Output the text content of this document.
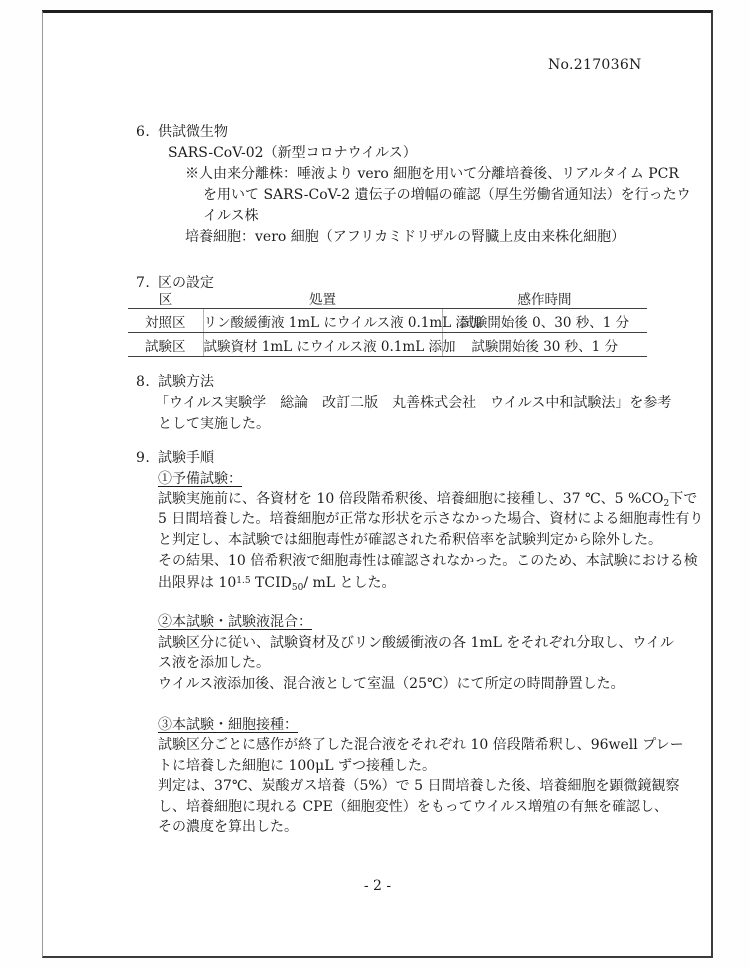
No.217036N
6. 供試微生物
SARS-CoV-02（新型コロナウイルス）
※人由来分離株：唾液より vero 細胞を用いて分離培養後、リアルタイム PCR
を用いて SARS-CoV-2 遺伝子の増幅の確認（厚生労働省通知法）を行ったウ
イルス株
培養細胞：vero 細胞（アフリカミドリザルの腎臓上皮由来株化細胞）
7. 区の設定
区	処置	感作時間
対照区	リン酸緩衝液 1mL にウイルス液 0.1mL 添加	試験開始後 0、30 秒、1 分
試験区	試験資材 1mL にウイルス液 0.1mL 添加	試験開始後 30 秒、1 分
8. 試験方法
「ウイルス実験学　総論　改訂二版　丸善株式会社　ウイルス中和試験法」を参考
として実施した。
9. 試験手順
①予備試験：
試験実施前に、各資材を 10 倍段階希釈後、培養細胞に接種し、37 ℃、5 $\%CO_2$下で
5 日間培養した。培養細胞が正常な形状を示さなかった場合、資材による細胞毒性有り
と判定し、本試験では細胞毒性が確認された希釈倍率を試験判定から除外した。
その結果、10 倍希釈液で細胞毒性は確認されなかった。このため、本試験における検
出限界は $10^{1.5}$ $TCID_{50}/$ mL とした。
②本試験・試験液混合：
試験区分に従い、試験資材及びリン酸緩衝液の各 1mL をそれぞれ分取し、ウイル
ス液を添加した。
ウイルス液添加後、混合液として室温（25℃）にて所定の時間静置した。
③本試験・細胞接種：
試験区分ごとに感作が終了した混合液をそれぞれ 10 倍段階希釈し、96well プレー
トに培養した細胞に 100μL ずつ接種した。
判定は、37℃、炭酸ガス培養（5%）で 5 日間培養した後、培養細胞を顕微鏡観察
し、培養細胞に現れる CPE（細胞変性）をもってウイルス増殖の有無を確認し、
その濃度を算出した。
- 2 -
